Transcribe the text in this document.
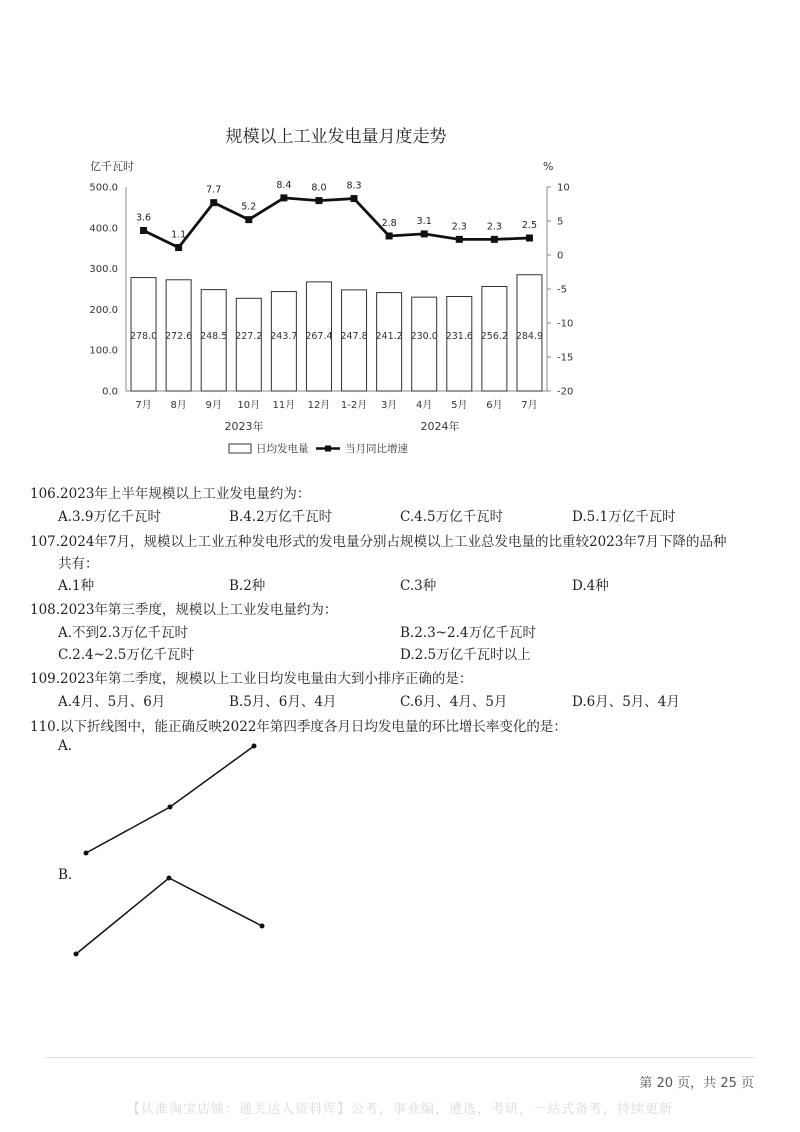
规模以上工业发电量月度走势
亿千瓦时	%
500.0
400.0
300.0
200.0
100.0
0.0
10
5
0
-5
-10
-15
-20
278.0 272.6 248.5 227.2 243.7 267.4 247.8 241.2 230.0 231.6 256.2 284.9
3.6
1.1
7.7
5.2
8.4 8.0 8.3
2.8 3.1 2.3 2.3 2.5
7月 8月 9月 10月 11月 12月 1-2月 3月 4月 5月 6月 7月
2023年	2024年
日均发电量	当月同比增速
106.2023年上半年规模以上工业发电量约为：
A.3.9万亿千瓦时	B.4.2万亿千瓦时	C.4.5万亿千瓦时	D.5.1万亿千瓦时
107.2024年7月，规模以上工业五种发电形式的发电量分别占规模以上工业总发电量的比重较2023年7月下降的品种
共有：
A.1种	B.2种	C.3种	D.4种
108.2023年第三季度，规模以上工业发电量约为：
A.不到2.3万亿千瓦时	B.2.3~2.4万亿千瓦时
C.2.4~2.5万亿千瓦时	D.2.5万亿千瓦时以上
109.2023年第二季度，规模以上工业日均发电量由大到小排序正确的是：
A.4月、5月、6月	B.5月、6月、4月	C.6月、4月、5月	D.6月、5月、4月
110.以下折线图中，能正确反映2022年第四季度各月日均发电量的环比增长率变化的是：
A.
B.
第 20 页，共 25 页
【认准淘宝店铺：通关达人资料库】公考，事业编，遴选，考研，一站式备考，持续更新
